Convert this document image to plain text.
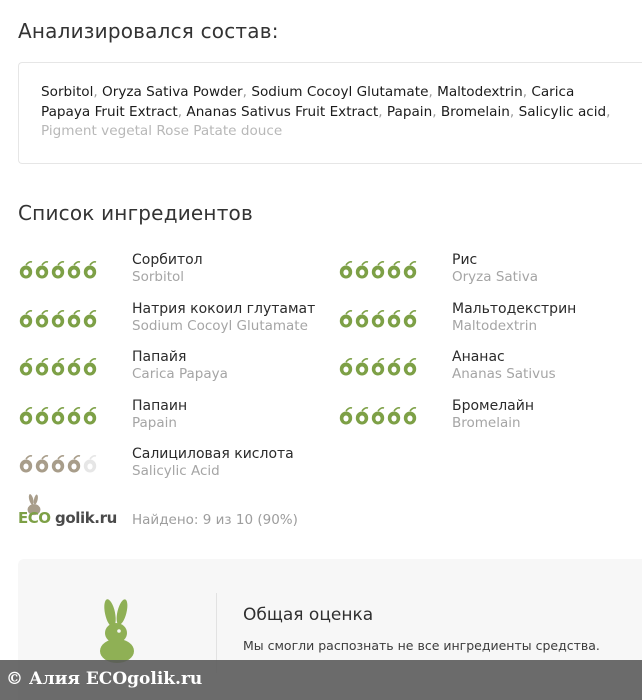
Анализировался состав:
Sorbitol, Oryza Sativa Powder, Sodium Cocoyl Glutamate, Maltodextrin, Carica
Papaya Fruit Extract, Ananas Sativus Fruit Extract, Papain, Bromelain, Salicylic acid,
Pigment vegetal Rose Patate douce
Список ингредиентов
Сорбитол
Sorbitol
Рис
Oryza Sativa
Натрия кокоил глутамат
Sodium Cocoyl Glutamate
Мальтодекстрин
Maltodextrin
Папайя
Carica Papaya
Ананас
Ananas Sativus
Папаин
Papain
Бромелайн
Bromelain
Салициловая кислота
Salicylic Acid
ECO golik.ru Найдено: 9 из 10 (90%)
Общая оценка
Мы смогли распознать не все ингредиенты средства.
© Алия ECOgolik.ru
